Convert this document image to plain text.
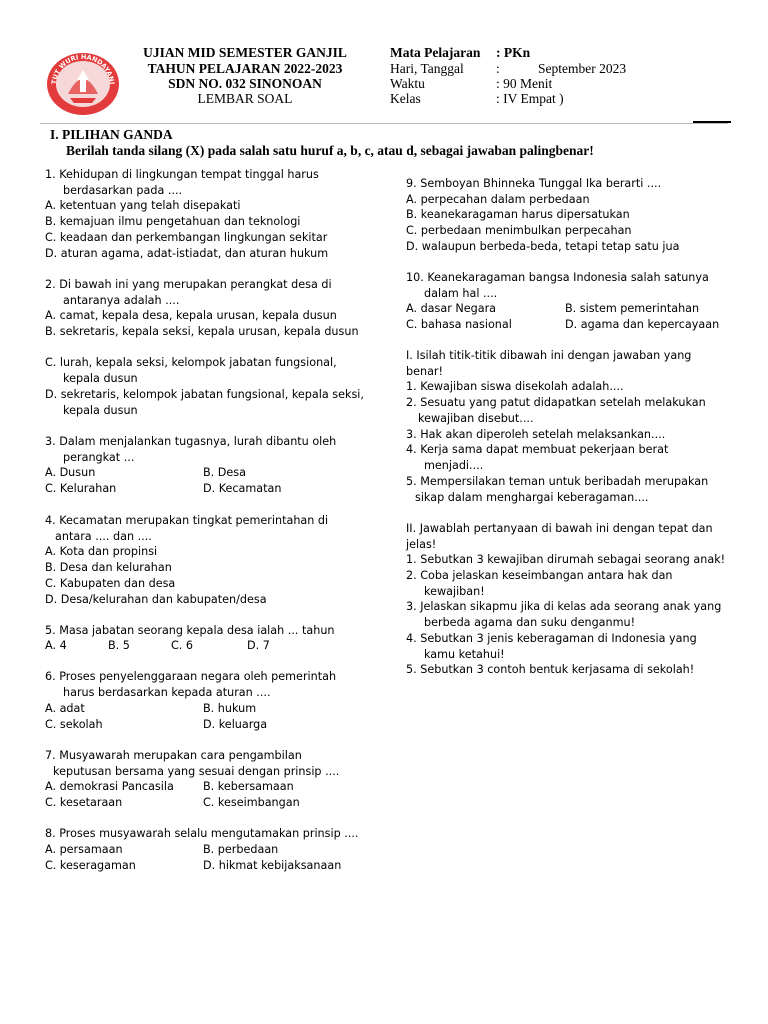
TUT WURI HANDAYANI
UJIAN MID SEMESTER GANJIL
TAHUN PELAJARAN 2022-2023
SDN NO. 032 SINONOAN
LEMBAR SOAL
Mata Pelajaran : PKn
Hari, Tanggal :	September 2023
Waktu	: 90 Menit
Kelas	: IV Empat )
I. PILIHAN GANDA
Berilah tanda silang (X) pada salah satu huruf a, b, c, atau d, sebagai jawaban palingbenar!
1. Kehidupan di lingkungan tempat tinggal harus
berdasarkan pada ....
A. ketentuan yang telah disepakati
B. kemajuan ilmu pengetahuan dan teknologi
C. keadaan dan perkembangan lingkungan sekitar
D. aturan agama, adat-istiadat, dan aturan hukum
2. Di bawah ini yang merupakan perangkat desa di
antaranya adalah ....
A. camat, kepala desa, kepala urusan, kepala dusun
B. sekretaris, kepala seksi, kepala urusan, kepala dusun
C. lurah, kepala seksi, kelompok jabatan fungsional,
kepala dusun
D. sekretaris, kelompok jabatan fungsional, kepala seksi,
kepala dusun
3. Dalam menjalankan tugasnya, lurah dibantu oleh
perangkat ...
A. Dusun	B. Desa
C. Kelurahan	D. Kecamatan
4. Kecamatan merupakan tingkat pemerintahan di
antara .... dan ....
A. Kota dan propinsi
B. Desa dan kelurahan
C. Kabupaten dan desa
D. Desa/kelurahan dan kabupaten/desa
5. Masa jabatan seorang kepala desa ialah ... tahun
A. 4	B. 5	C. 6	D. 7
6. Proses penyelenggaraan negara oleh pemerintah
harus berdasarkan kepada aturan ....
A. adat	B. hukum
C. sekolah	D. keluarga
7. Musyawarah merupakan cara pengambilan
keputusan bersama yang sesuai dengan prinsip ....
A. demokrasi Pancasila	B. kebersamaan
C. kesetaraan	C. keseimbangan
8. Proses musyawarah selalu mengutamakan prinsip ....
A. persamaan	B. perbedaan
C. keseragaman	D. hikmat kebijaksanaan
9. Semboyan Bhinneka Tunggal Ika berarti ....
A. perpecahan dalam perbedaan
B. keanekaragaman harus dipersatukan
C. perbedaan menimbulkan perpecahan
D. walaupun berbeda-beda, tetapi tetap satu jua
10. Keanekaragaman bangsa Indonesia salah satunya
dalam hal ....
A. dasar Negara	B. sistem pemerintahan
C. bahasa nasional	D. agama dan kepercayaan
I. Isilah titik-titik dibawah ini dengan jawaban yang
benar!
1. Kewajiban siswa disekolah adalah....
2. Sesuatu yang patut didapatkan setelah melakukan
kewajiban disebut....
3. Hak akan diperoleh setelah melaksankan....
4. Kerja sama dapat membuat pekerjaan berat
menjadi....
5. Mempersilakan teman untuk beribadah merupakan
sikap dalam menghargai keberagaman....
II. Jawablah pertanyaan di bawah ini dengan tepat dan
jelas!
1. Sebutkan 3 kewajiban dirumah sebagai seorang anak!
2. Coba jelaskan keseimbangan antara hak dan
kewajiban!
3. Jelaskan sikapmu jika di kelas ada seorang anak yang
berbeda agama dan suku denganmu!
4. Sebutkan 3 jenis keberagaman di Indonesia yang
kamu ketahui!
5. Sebutkan 3 contoh bentuk kerjasama di sekolah!
